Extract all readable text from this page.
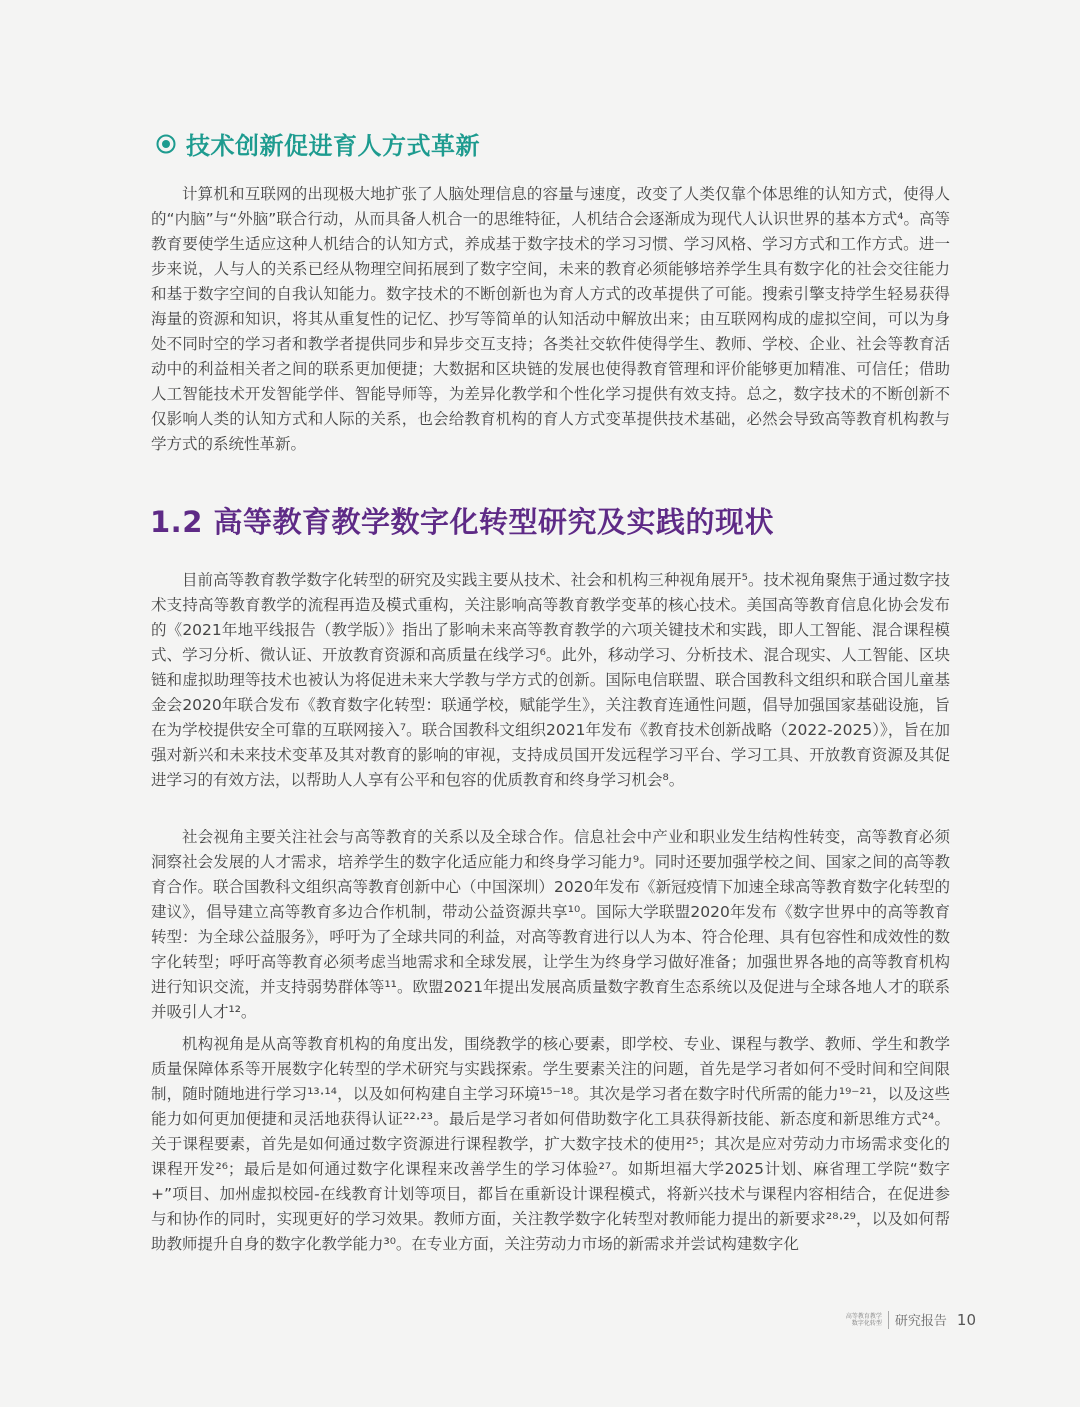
技术创新促进育人方式革新

计算机和互联网的出现极大地扩张了人脑处理信息的容量与速度，改变了人类仅靠个体思维的认知方式，使得人的“内脑”与“外脑”联合行动，从而具备人机合一的思维特征，人机结合会逐渐成为现代人认识世界的基本方式⁴。高等教育要使学生适应这种人机结合的认知方式，养成基于数字技术的学习习惯、学习风格、学习方式和工作方式。进一步来说，人与人的关系已经从物理空间拓展到了数字空间，未来的教育必须能够培养学生具有数字化的社会交往能力和基于数字空间的自我认知能力。数字技术的不断创新也为育人方式的改革提供了可能。搜索引擎支持学生轻易获得海量的资源和知识，将其从重复性的记忆、抄写等简单的认知活动中解放出来；由互联网构成的虚拟空间，可以为身处不同时空的学习者和教学者提供同步和异步交互支持；各类社交软件使得学生、教师、学校、企业、社会等教育活动中的利益相关者之间的联系更加便捷；大数据和区块链的发展也使得教育管理和评价能够更加精准、可信任；借助人工智能技术开发智能学伴、智能导师等，为差异化教学和个性化学习提供有效支持。总之，数字技术的不断创新不仅影响人类的认知方式和人际的关系，也会给教育机构的育人方式变革提供技术基础，必然会导致高等教育机构教与学方式的系统性革新。

1.2 高等教育教学数字化转型研究及实践的现状

目前高等教育教学数字化转型的研究及实践主要从技术、社会和机构三种视角展开⁵。技术视角聚焦于通过数字技术支持高等教育教学的流程再造及模式重构，关注影响高等教育教学变革的核心技术。美国高等教育信息化协会发布的《2021年地平线报告（教学版）》指出了影响未来高等教育教学的六项关键技术和实践，即人工智能、混合课程模式、学习分析、微认证、开放教育资源和高质量在线学习⁶。此外，移动学习、分析技术、混合现实、人工智能、区块链和虚拟助理等技术也被认为将促进未来大学教与学方式的创新。国际电信联盟、联合国教科文组织和联合国儿童基金会2020年联合发布《教育数字化转型：联通学校，赋能学生》，关注教育连通性问题，倡导加强国家基础设施，旨在为学校提供安全可靠的互联网接入⁷。联合国教科文组织2021年发布《教育技术创新战略（2022-2025）》，旨在加强对新兴和未来技术变革及其对教育的影响的审视，支持成员国开发远程学习平台、学习工具、开放教育资源及其促进学习的有效方法，以帮助人人享有公平和包容的优质教育和终身学习机会⁸。

社会视角主要关注社会与高等教育的关系以及全球合作。信息社会中产业和职业发生结构性转变，高等教育必须洞察社会发展的人才需求，培养学生的数字化适应能力和终身学习能力⁹。同时还要加强学校之间、国家之间的高等教育合作。联合国教科文组织高等教育创新中心（中国深圳）2020年发布《新冠疫情下加速全球高等教育数字化转型的建议》，倡导建立高等教育多边合作机制，带动公益资源共享¹⁰。国际大学联盟2020年发布《数字世界中的高等教育转型：为全球公益服务》，呼吁为了全球共同的利益，对高等教育进行以人为本、符合伦理、具有包容性和成效性的数字化转型；呼吁高等教育必须考虑当地需求和全球发展，让学生为终身学习做好准备；加强世界各地的高等教育机构进行知识交流，并支持弱势群体等¹¹。欧盟2021年提出发展高质量数字教育生态系统以及促进与全球各地人才的联系并吸引人才¹²。

机构视角是从高等教育机构的角度出发，围绕教学的核心要素，即学校、专业、课程与教学、教师、学生和教学质量保障体系等开展数字化转型的学术研究与实践探索。学生要素关注的问题，首先是学习者如何不受时间和空间限制，随时随地进行学习¹³·¹⁴，以及如何构建自主学习环境¹⁵⁻¹⁸。其次是学习者在数字时代所需的能力¹⁹⁻²¹，以及这些能力如何更加便捷和灵活地获得认证²²·²³。最后是学习者如何借助数字化工具获得新技能、新态度和新思维方式²⁴。关于课程要素，首先是如何通过数字资源进行课程教学，扩大数字技术的使用²⁵；其次是应对劳动力市场需求变化的课程开发²⁶；最后是如何通过数字化课程来改善学生的学习体验²⁷。如斯坦福大学2025计划、麻省理工学院“数字+”项目、加州虚拟校园-在线教育计划等项目，都旨在重新设计课程模式，将新兴技术与课程内容相结合，在促进参与和协作的同时，实现更好的学习效果。教师方面，关注教学数字化转型对教师能力提出的新要求²⁸·²⁹，以及如何帮助教师提升自身的数字化教学能力³⁰。在专业方面，关注劳动力市场的新需求并尝试构建数字化

高等教育教学
数字化转型 研究报告 10
